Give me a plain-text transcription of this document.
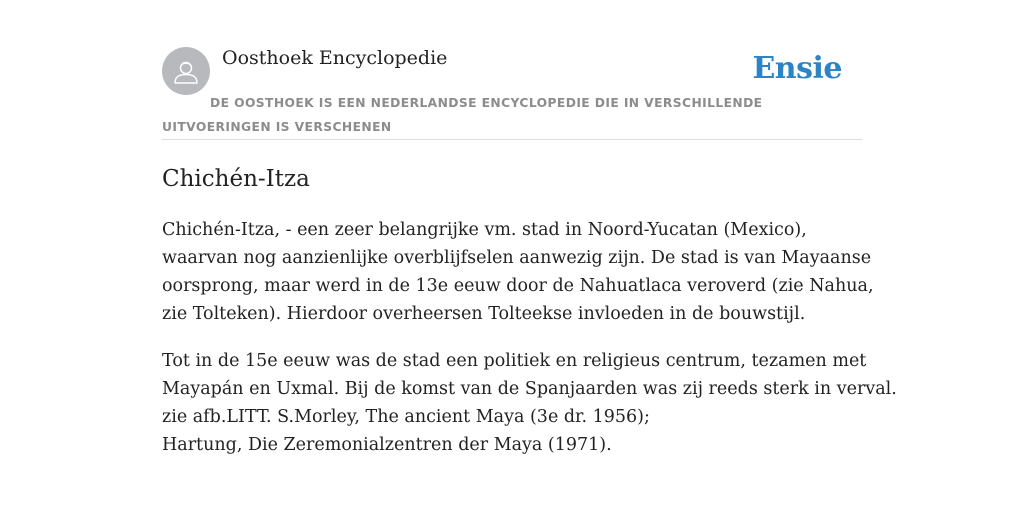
Oosthoek Encyclopedie	Ensie
DE OOSTHOEK IS EEN NEDERLANDSE ENCYCLOPEDIE DIE IN VERSCHILLENDE UITVOERINGEN IS VERSCHENEN
Chichén-Itza

Chichén-Itza, - een zeer belangrijke vm. stad in Noord-Yucatan (Mexico),
waarvan nog aanzienlijke overblijfselen aanwezig zijn. De stad is van Mayaanse
oorsprong, maar werd in de 13e eeuw door de Nahuatlaca veroverd (zie Nahua,
zie Tolteken). Hierdoor overheersen Tolteekse invloeden in de bouwstijl.

Tot in de 15e eeuw was de stad een politiek en religieus centrum, tezamen met
Mayapán en Uxmal. Bij de komst van de Spanjaarden was zij reeds sterk in verval.
zie afb.LITT. S.Morley, The ancient Maya (3e dr. 1956);
Hartung, Die Zeremonialzentren der Maya (1971).
